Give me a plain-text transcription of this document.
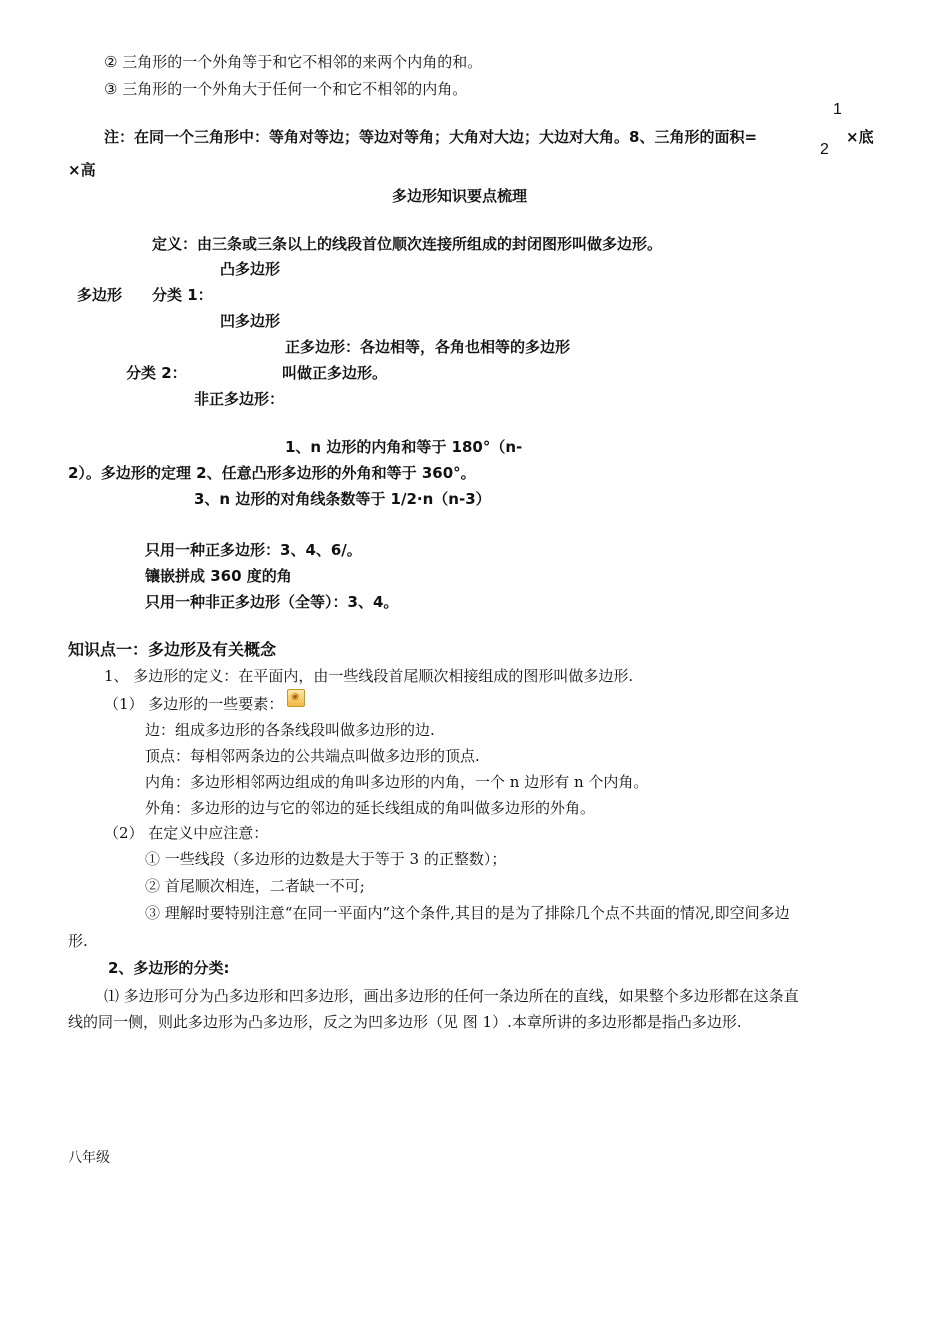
② 三角形的一个外角等于和它不相邻的来两个内角的和。
③ 三角形的一个外角大于任何一个和它不相邻的内角。
注：在同一个三角形中：等角对等边；等边对等角；大角对大边；大边对大角。8、三角形的面积=
1
2
×底
×高
多边形知识要点梳理
定义：由三条或三条以上的线段首位顺次连接所组成的封闭图形叫做多边形。
凸多边形
多边形 分类 1：
凹多边形
正多边形：各边相等，各角也相等的多边形
分类 2：	叫做正多边形。
非正多边形：
1、n 边形的内角和等于 180°（n-
2）。多边形的定理 2、任意凸形多边形的外角和等于 360°。
3、n 边形的对角线条数等于 1/2·n（n-3）
只用一种正多边形：3、4、6/。
镶嵌拼成 360 度的角
只用一种非正多边形（全等）：3、4。
知识点一：多边形及有关概念
1、 多边形的定义：在平面内，由一些线段首尾顺次相接组成的图形叫做多边形.
（1） 多边形的一些要素： ❀
边：组成多边形的各条线段叫做多边形的边.
顶点：每相邻两条边的公共端点叫做多边形的顶点.
内角：多边形相邻两边组成的角叫多边形的内角，一个 n 边形有 n 个内角。
外角：多边形的边与它的邻边的延长线组成的角叫做多边形的外角。
（2） 在定义中应注意：
① 一些线段（多边形的边数是大于等于 3 的正整数）；
② 首尾顺次相连，二者缺一不可;
③ 理解时要特别注意“在同一平面内”这个条件,其目的是为了排除几个点不共面的情况,即空间多边
形.
2、多边形的分类:
⑴ 多边形可分为凸多边形和凹多边形，画出多边形的任何一条边所在的直线，如果整个多边形都在这条直
线的同一侧，则此多边形为凸多边形，反之为凹多边形（见 图 1）.本章所讲的多边形都是指凸多边形.
八年级
